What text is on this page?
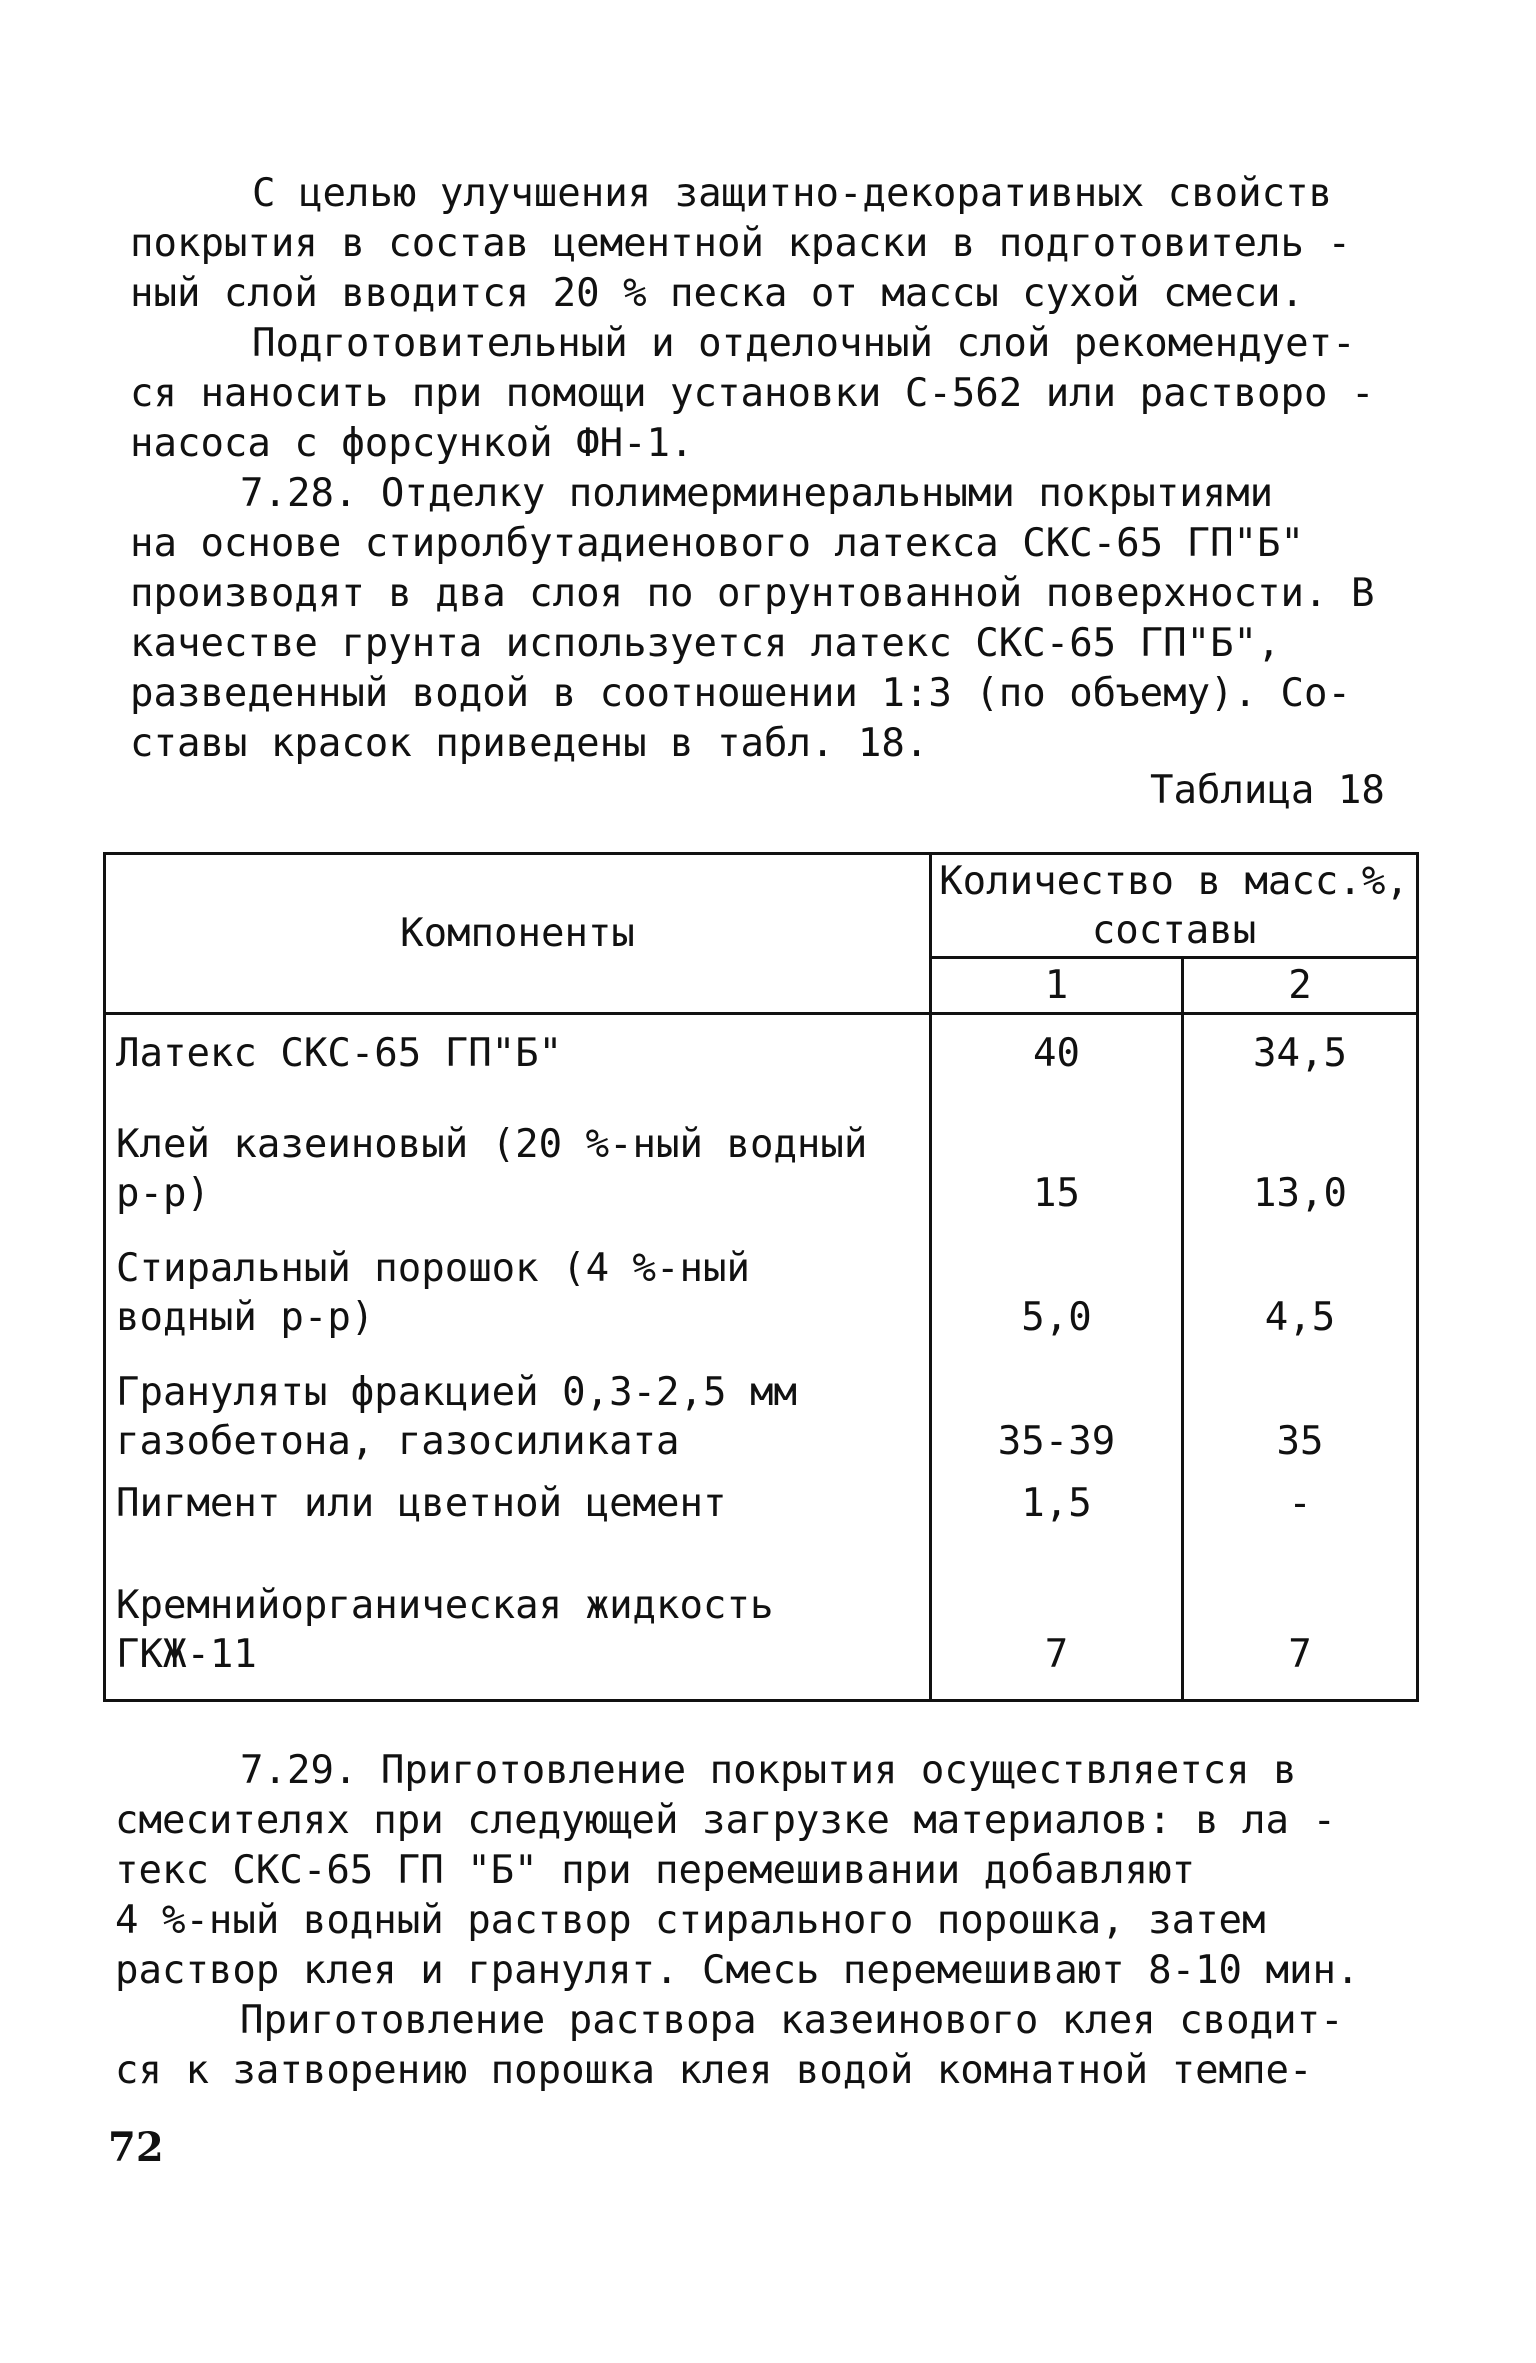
С целью улучшения защитно-декоративных свойств
покрытия в состав цементной краски в подготовитель -
ный слой вводится 20 % песка от массы сухой смеси.
Подготовительный и отделочный слой рекомендует-
ся наносить при помощи установки С-562 или растворо -
насоса с форсункой ФН-1.
7.28. Отделку полимерминеральными покрытиями
на основе стиролбутадиенового латекса СКС-65 ГП"Б"
производят в два слоя по огрунтованной поверхности. В
качестве грунта используется латекс СКС-65 ГП"Б",
разведенный водой в соотношении 1:3 (по объему). Со-
ставы красок приведены в табл. 18.
Таблица 18
Компоненты	Количество в масс.%, составы	
	1	2
Латекс СКС-65 ГП"Б"	40	34,5
Клей казеиновый (20 %-ный водный р-р)	15	13,0
Стиральный порошок (4 %-ный водный р-р)	5,0	4,5
Грануляты фракцией 0,3-2,5 мм газобетона, газосиликата	35-39	35
Пигмент или цветной цемент	1,5	-
Кремнийорганическая жидкость ГКЖ-11	7	7
7.29. Приготовление покрытия осуществляется в
смесителях при следующей загрузке материалов: в ла -
текс СКС-65 ГП "Б" при перемешивании добавляют
4 %-ный водный раствор стирального порошка, затем
раствор клея и гранулят. Смесь перемешивают 8-10 мин.
Приготовление раствора казеинового клея сводит-
ся к затворению порошка клея водой комнатной темпе-
72
